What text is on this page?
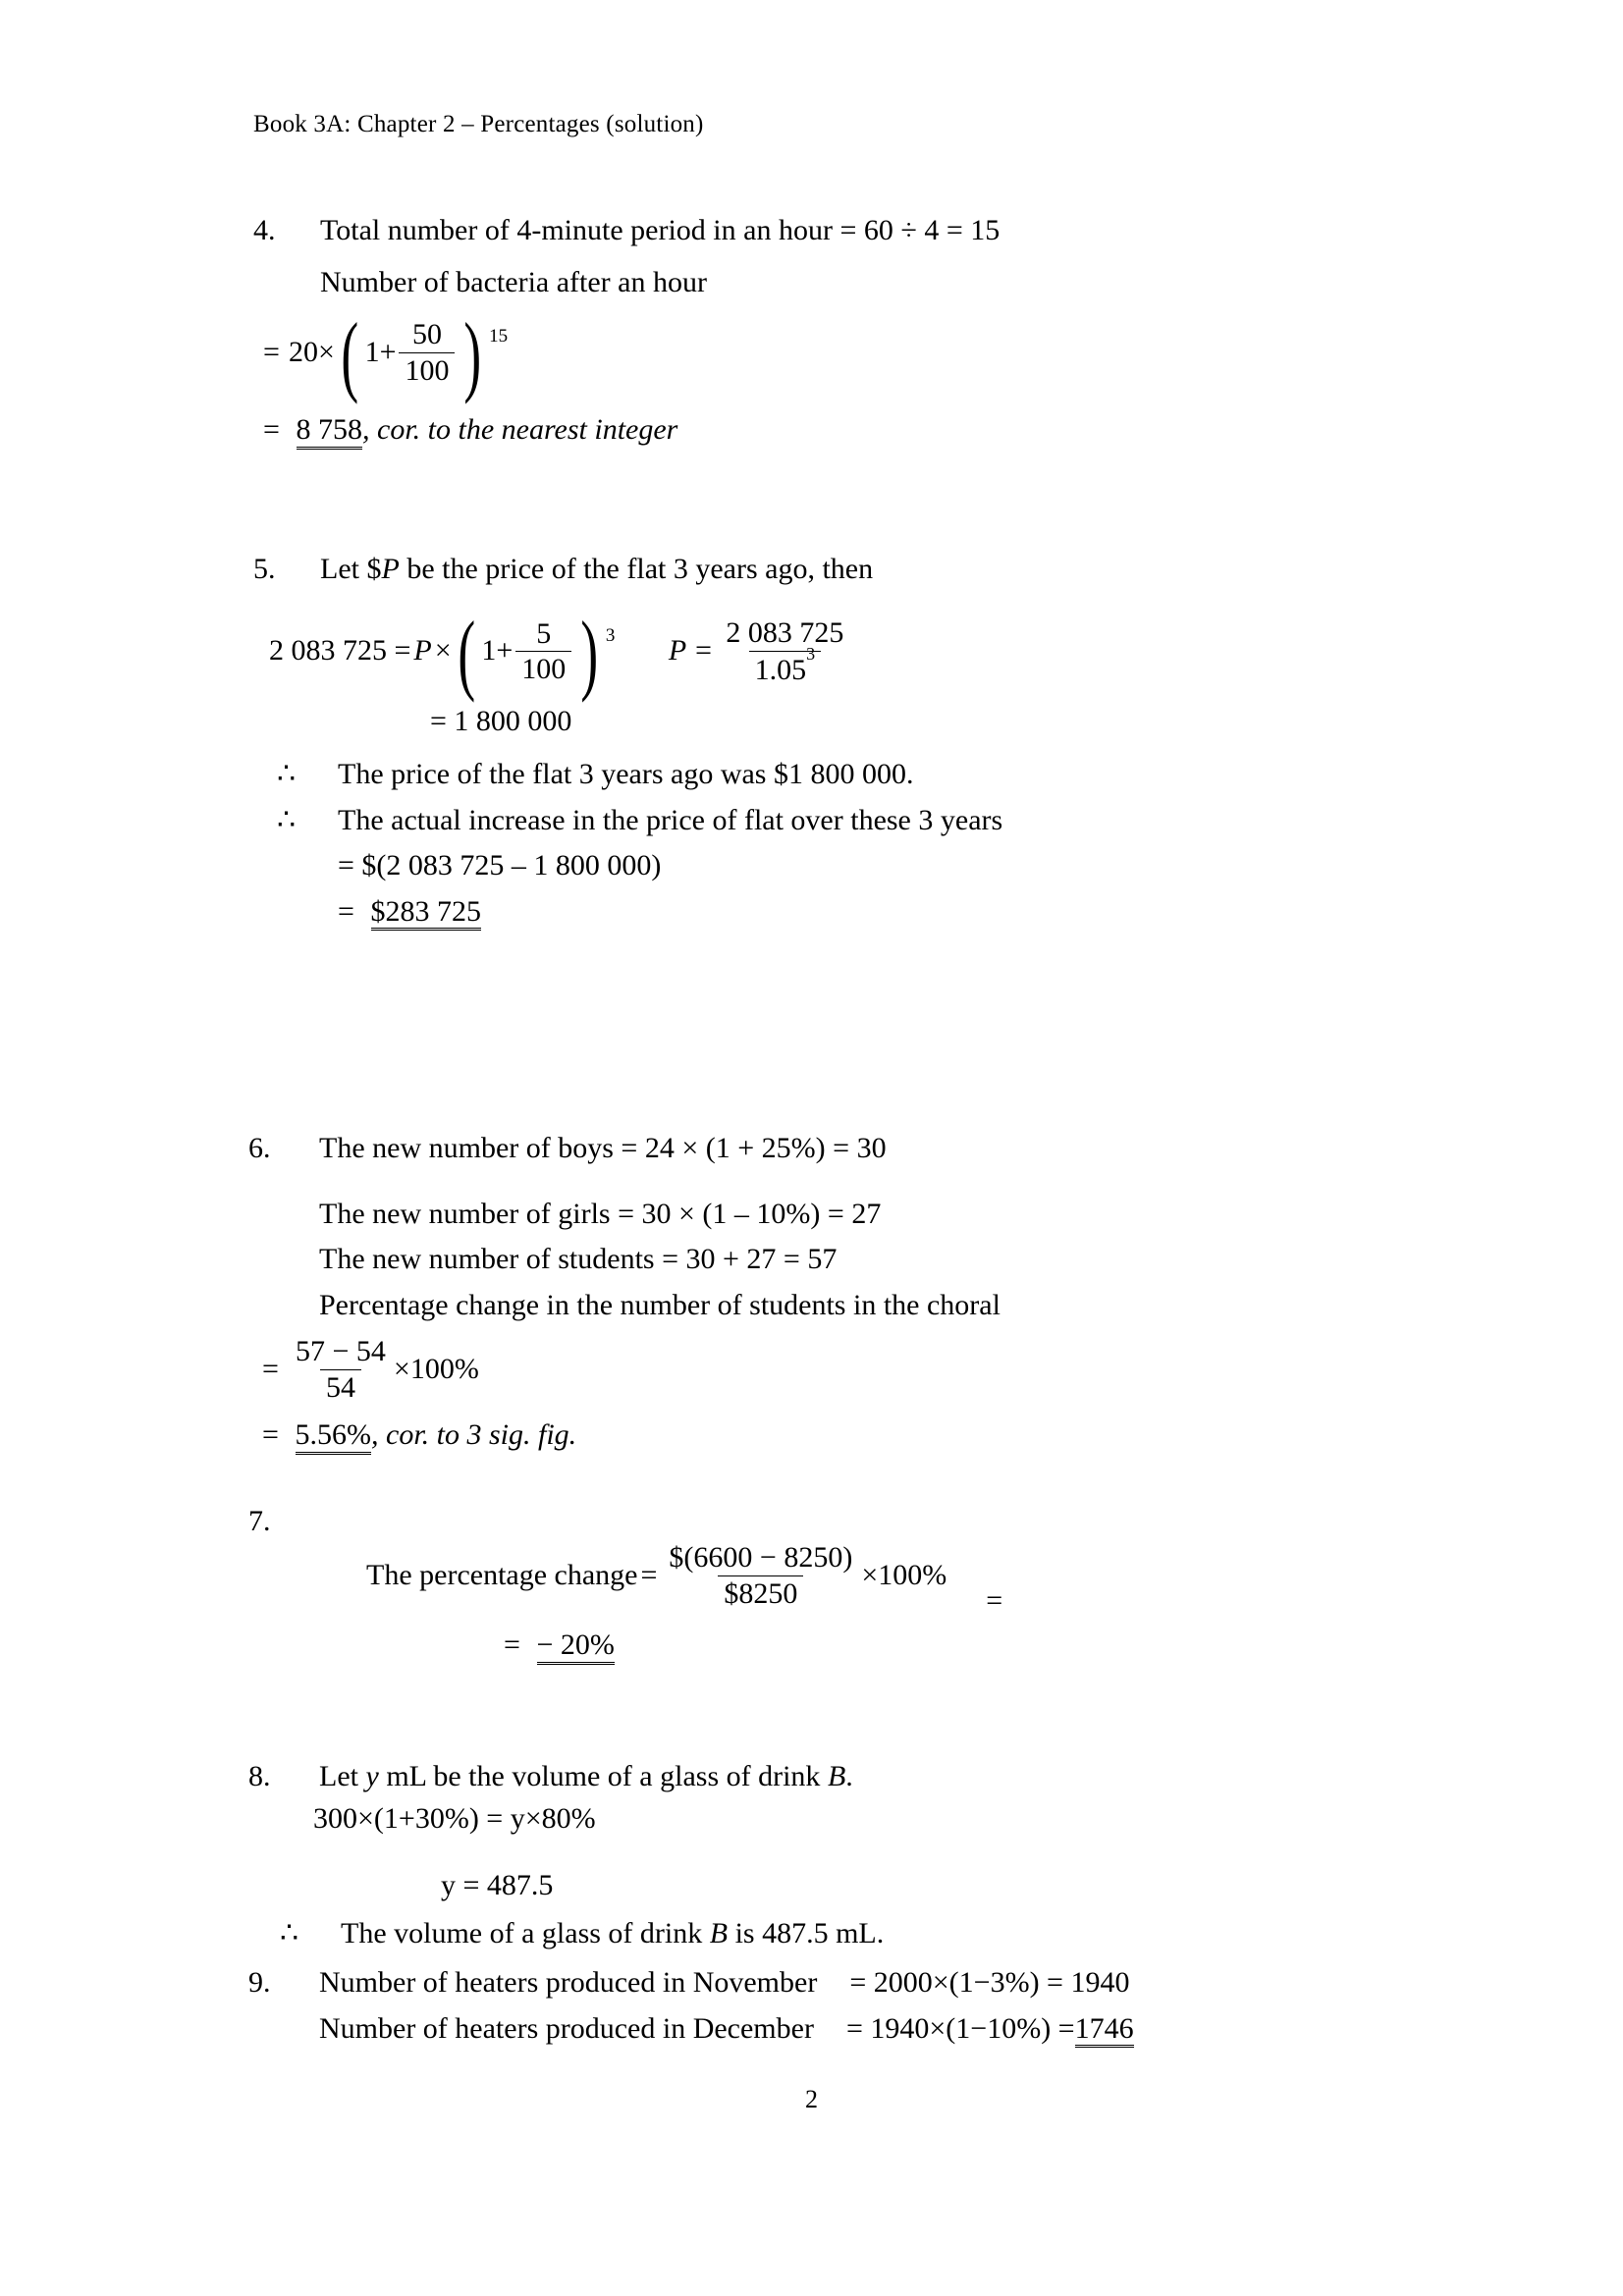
Book 3A: Chapter 2 – Percentages (solution)
4.	Total number of 4-minute period in an hour = 60 ÷ 4 = 15
Number of bacteria after an hour
= 20× ( $1+ \frac{50}{100}$ ) 15
= 8 758, cor. to the nearest integer
5.	Let $P be the price of the flat 3 years ago, then
2 083 725 = P × ( $1+ \frac{5}{100}$ ) 3
$P = \frac{2 083 725}{1.05^3}$
= 1 800 000
∴	The price of the flat 3 years ago was $1 800 000.
∴	The actual increase in the price of flat over these 3 years
= $(2 083 725 – 1 800 000)
= $283 725
6.	The new number of boys = 24 × (1 + 25%) = 30
The new number of girls = 30 × (1 – 10%) = 27
The new number of students = 30 + 27 = 57
Percentage change in the number of students in the choral
= $\frac{57 - 54}{54} \times 100\%$
= 5.56%, cor. to 3 sig. fig.
7.
The percentage change = $\frac{\$(6600 - 8250)}{\$8250} \times 100\%$
=
= − 20%
8.	Let y mL be the volume of a glass of drink B.
300×(1+30%) = y×80%
y = 487.5
∴	The volume of a glass of drink B is 487.5 mL.
9.	Number of heaters produced in November = 2000×(1−3%) = 1940
Number of heaters produced in December = 1940×(1−10%) =1746
2
